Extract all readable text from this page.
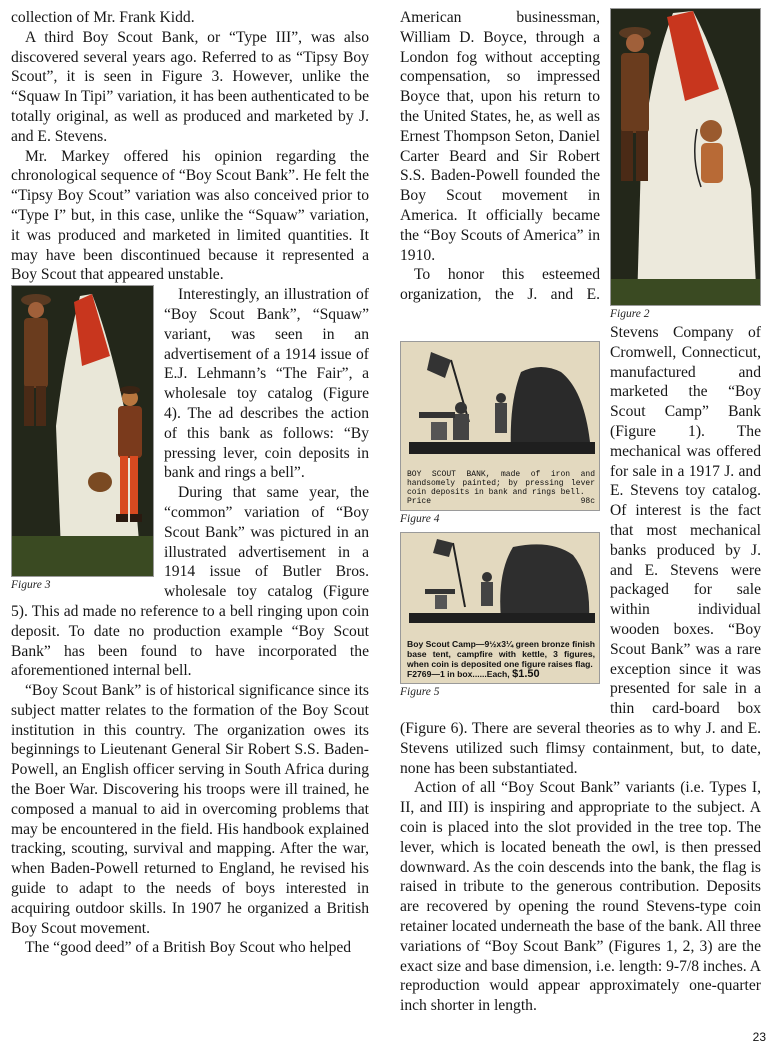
collection of Mr. Frank Kidd.

A third Boy Scout Bank, or “Type III”, was also discovered several years ago. Referred to as “Tipsy Boy Scout”, it is seen in Figure 3. However, unlike the “Squaw In Tipi” variation, it has been authenticated to be totally original, as well as produced and marketed by J. and E. Stevens.

Mr. Markey offered his opinion regarding the chronological sequence of “Boy Scout Bank”. He felt the “Tipsy Boy Scout” variation was also conceived prior to “Type I” but, in this case, unlike the “Squaw” variation, it was produced and marketed in limited quantities. It may have been discontinued because it represented a Boy Scout that appeared unstable.

Figure 3

Interestingly, an illustration of “Boy Scout Bank”, “Squaw” variant, was seen in an advertisement of a 1914 issue of E.J. Lehmann’s “The Fair”, a wholesale toy catalog (Figure 4). The ad describes the action of this bank as follows: “By pressing lever, coin deposits in bank and rings a bell”.

During that same year, the “common” variation of “Boy Scout Bank” was pictured in an illustrated advertisement in a 1914 issue of Butler Bros. wholesale toy catalog (Figure 5). This ad made no reference to a bell ringing upon coin deposit. To date no production example “Boy Scout Bank” has been found to have incorporated the aforementioned internal bell.

“Boy Scout Bank” is of historical significance since its subject matter relates to the formation of the Boy Scout institution in this country. The organization owes its beginnings to Lieutenant General Sir Robert S.S. Baden-Powell, an English officer serving in South Africa during the Boer War. Discovering his troops were ill trained, he composed a manual to aid in overcoming problems that may be encountered in the field. His handbook explained tracking, scouting, survival and mapping. After the war, when Baden-Powell returned to England, he revised his guide to adapt to the needs of boys interested in acquiring outdoor skills. In 1907 he organized a British Boy Scout movement.

The “good deed” of a British Boy Scout who helped

Figure 2

American businessman, William D. Boyce, through a London fog without accepting compensation, so impressed Boyce that, upon his return to the United States, he, as well as Ernest Thompson Seton, Daniel Carter Beard and Sir Robert S.S. Baden-Powell founded the Boy Scout movement in America. It officially became the “Boy Scouts of America” in 1910.

BOY SCOUT BANK, made of iron and handsomely painted; by pressing lever coin deposits in bank and rings bell.
Price	98c
Figure 4
Boy Scout Camp—9½x3¼ green bronze finish base tent, campfire with kettle, 3 figures, when coin is deposited one figure raises flag.
F2769—1 in box......Each, $1.50
Figure 5

To honor this esteemed organization, the J. and E. Stevens Company of Cromwell, Connecticut, manufactured and marketed the “Boy Scout Camp” Bank (Figure 1). The mechanical was offered for sale in a 1917 J. and E. Stevens toy catalog. Of interest is the fact that most mechanical banks produced by J. and E. Stevens were packaged for sale within individual wooden boxes. “Boy Scout Bank” was a rare exception since it was presented for sale in a thin card-board box (Figure 6). There are several theories as to why J. and E. Stevens utilized such flimsy containment, but, to date, none has been substantiated.

Action of all “Boy Scout Bank” variants (i.e. Types I, II, and III) is inspiring and appropriate to the subject. A coin is placed into the slot provided in the tree top. The lever, which is located beneath the owl, is then pressed downward. As the coin descends into the bank, the flag is raised in tribute to the generous contribution. Deposits are recovered by opening the round Stevens-type coin retainer located underneath the base of the bank. All three variations of “Boy Scout Bank” (Figures 1, 2, 3) are the exact size and base dimension, i.e. length: 9-7/8 inches. A reproduction would appear approximately one-quarter inch shorter in length.

23
